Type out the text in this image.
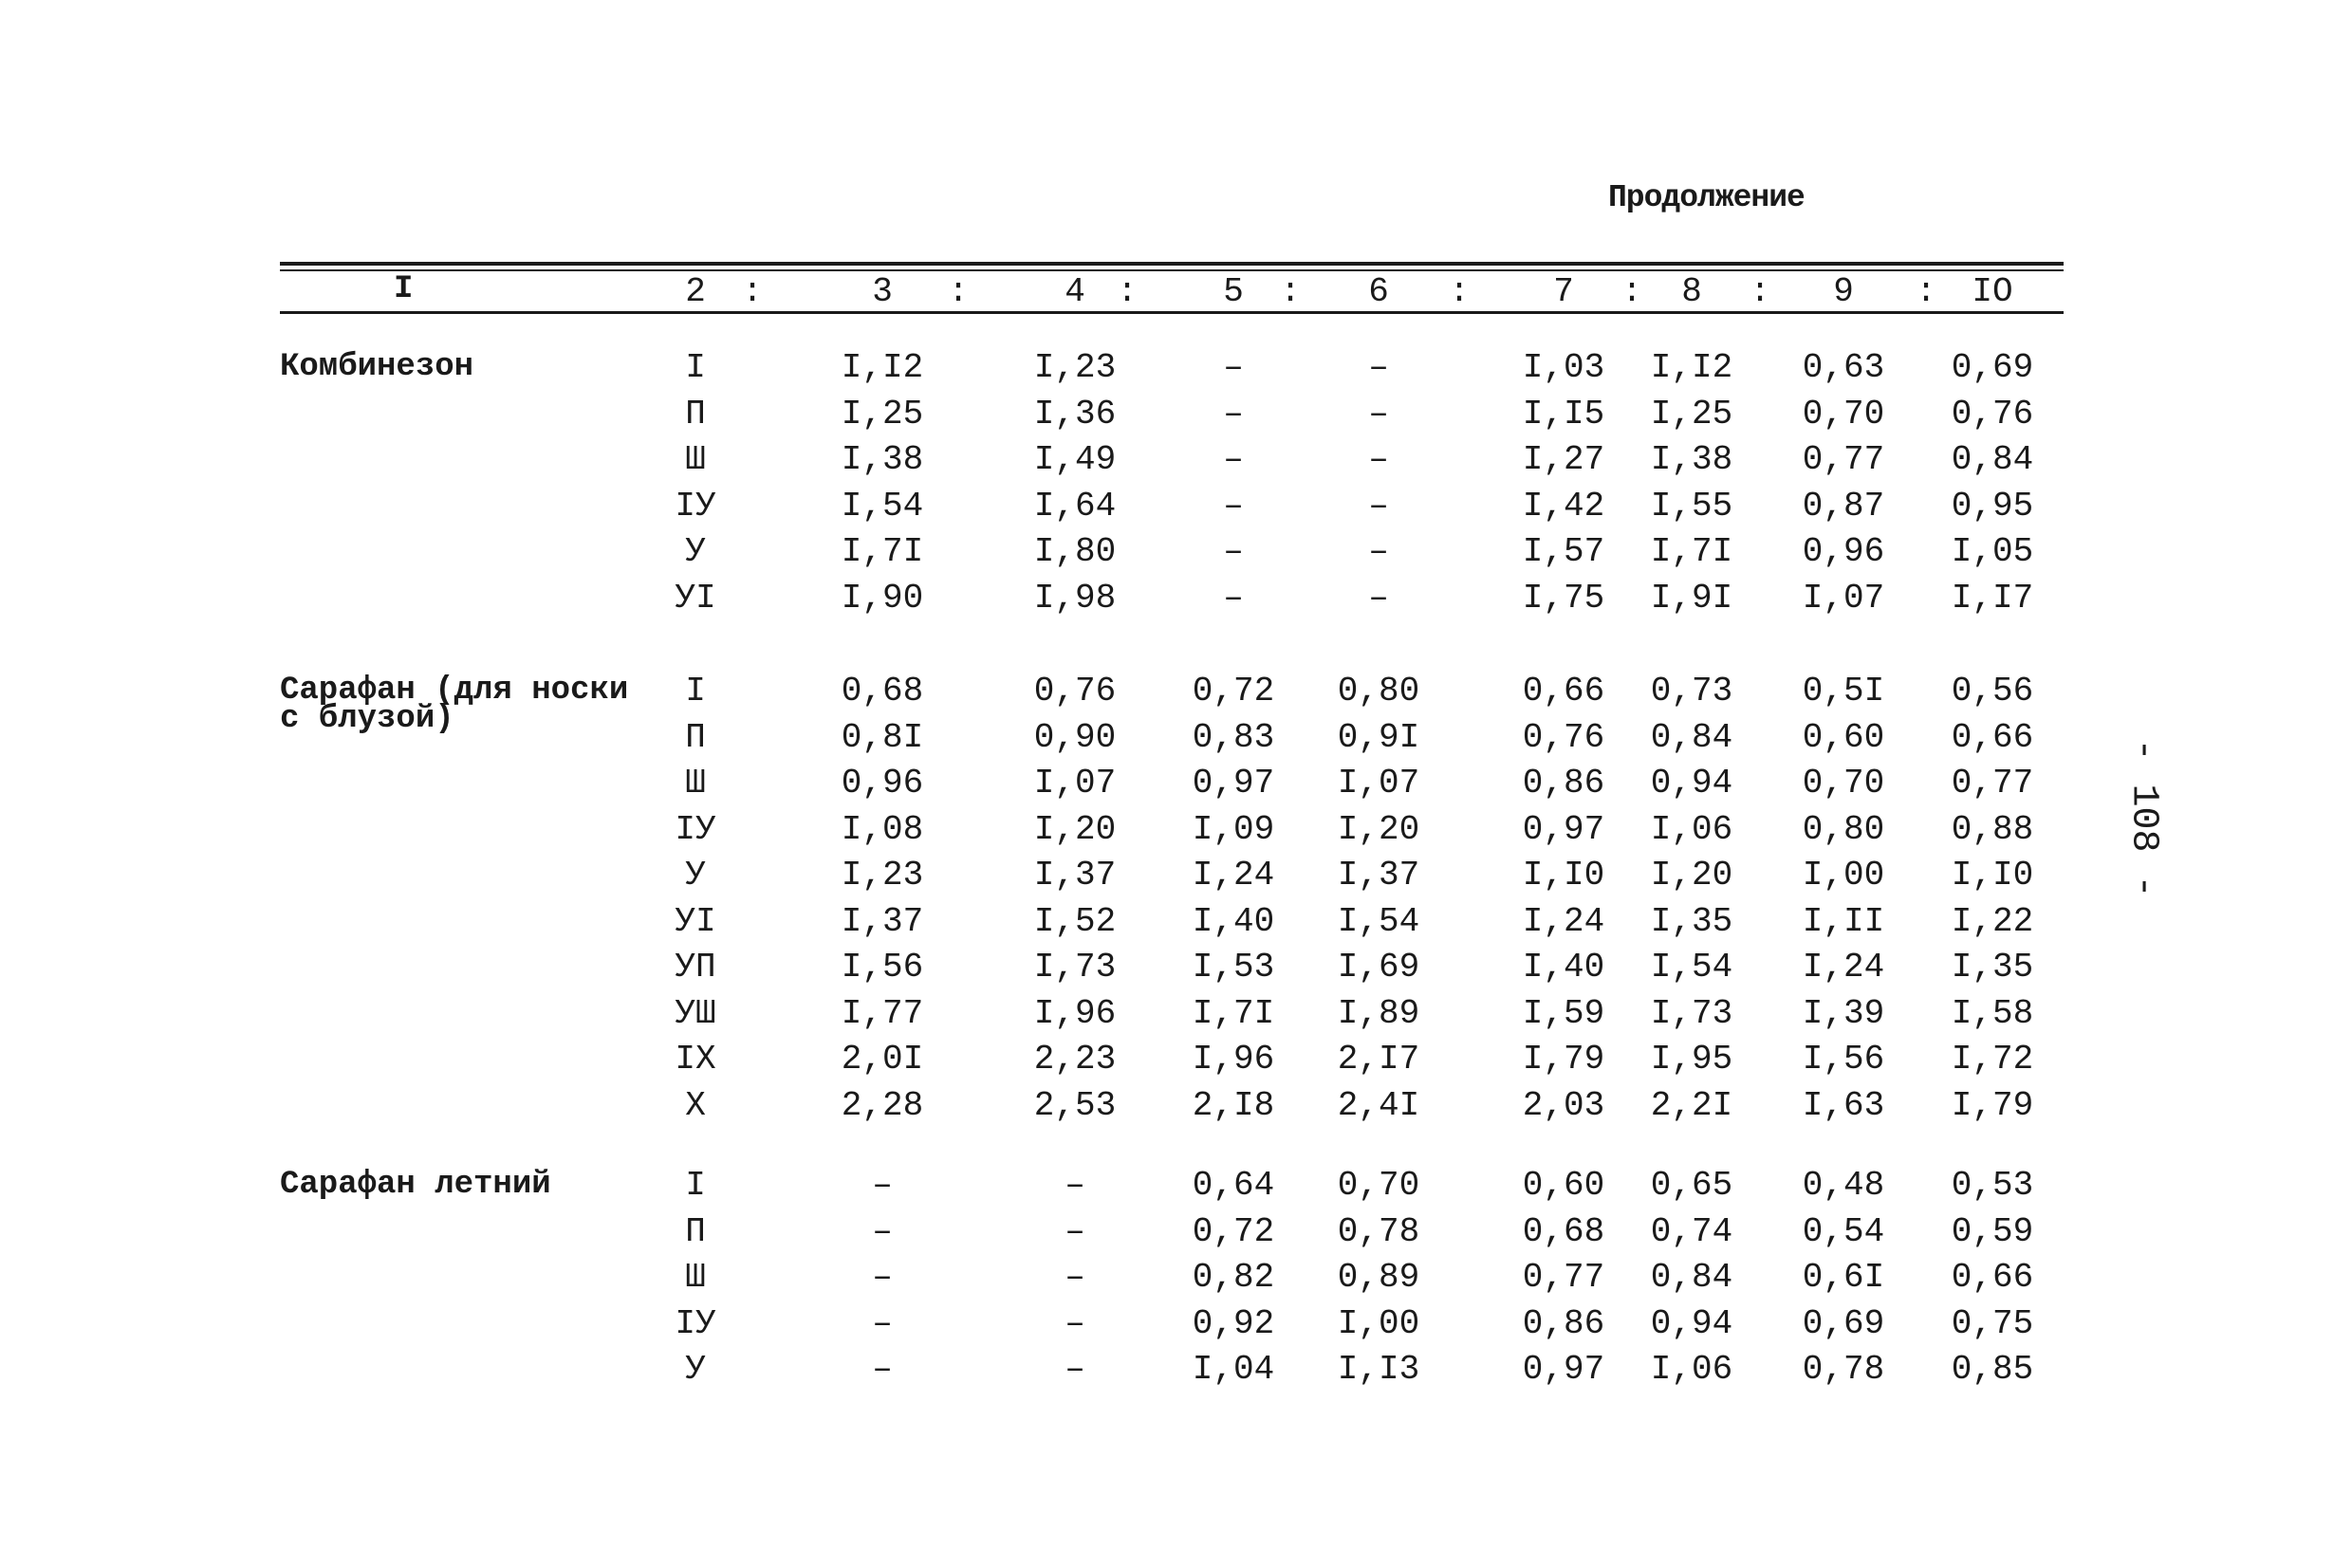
Продолжение
- 108 -
2	3	4	5	6	7	8	9	IO
I	:	:	:	:	:	:	:	:
Комбинезон	I	I,I2	I,23	–	–	I,03 I,I2 0,63 0,69
П	I,25	I,36	–	–	I,I5 I,25 0,70 0,76
Ш	I,38	I,49	–	–	I,27 I,38 0,77 0,84
IУ	I,54	I,64	–	–	I,42 I,55 0,87 0,95
У	I,7I	I,80	–	–	I,57 I,7I 0,96 I,05
УI	I,90	I,98	–	–	I,75 I,9I I,07 I,I7
Сарафан (для носки
с блузой)
I	0,68	0,76 0,72 0,80	0,66 0,73 0,5I 0,56
П	0,8I	0,90 0,83 0,9I	0,76 0,84 0,60 0,66
Ш	0,96	I,07 0,97 I,07	0,86 0,94 0,70 0,77
IУ	I,08	I,20 I,09 I,20	0,97 I,06 0,80 0,88
У	I,23	I,37 I,24 I,37	I,I0 I,20 I,00 I,I0
УI	I,37	I,52 I,40 I,54	I,24 I,35 I,II I,22
УП	I,56	I,73 I,53 I,69	I,40 I,54 I,24 I,35
УШ	I,77	I,96 I,7I I,89	I,59 I,73 I,39 I,58
IX	2,0I	2,23 I,96 2,I7	I,79 I,95 I,56 I,72
X	2,28	2,53 2,I8 2,4I	2,03 2,2I I,63 I,79
Сарафан летний	I	–	–	0,64 0,70	0,60 0,65 0,48 0,53
П	–	–	0,72 0,78	0,68 0,74 0,54 0,59
Ш	–	–	0,82 0,89	0,77 0,84 0,6I 0,66
IУ	–	–	0,92 I,00	0,86 0,94 0,69 0,75
У	–	–	I,04 I,I3	0,97 I,06 0,78 0,85
